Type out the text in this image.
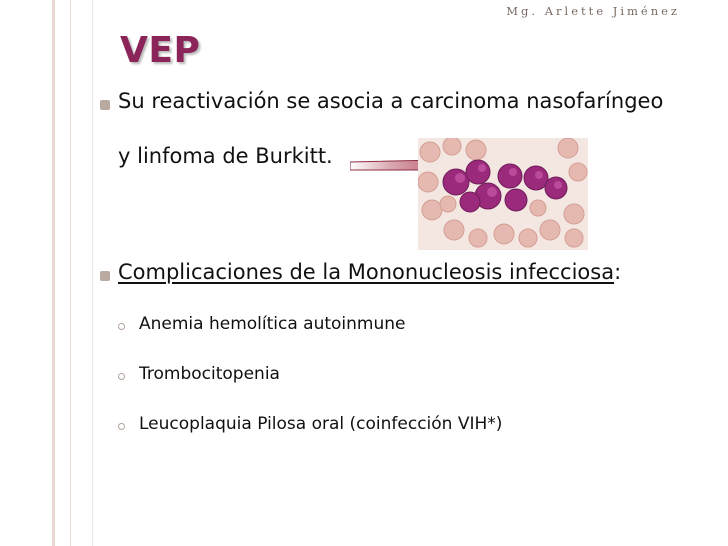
Mg. Arlette Jiménez
VEP
Su reactivación se asocia a carcinoma nasofaríngeo
y linfoma de Burkitt.
Complicaciones de la Mononucleosis infecciosa:
Anemia hemolítica autoinmune
Trombocitopenia
Leucoplaquia Pilosa oral (coinfección VIH*)
